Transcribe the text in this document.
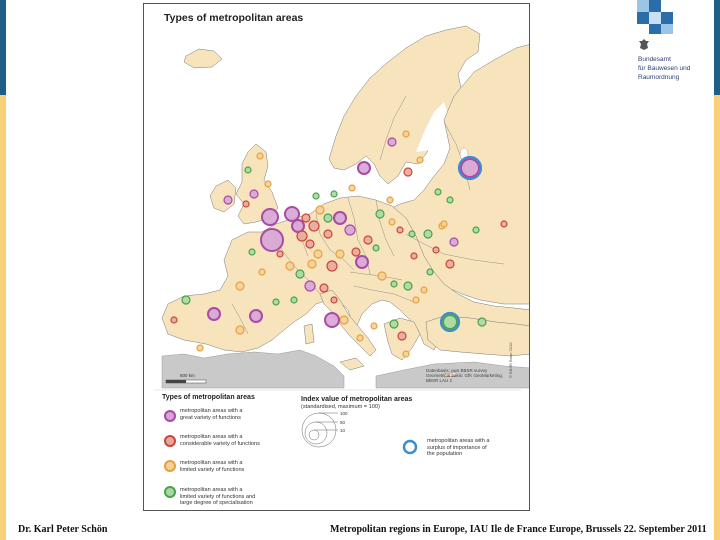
Bundesamt
für Bauwesen und
Raumordnung
500 km	© BBSR Bonn 2010
100
50
10
Types of metropolitan areas
Datenbasis: own BBSR survey
Geometrical basis: GfK GeoMarketing,
BBSR LAU 2
Types of metropolitan areas	Index value of metropolitan areas
(standardised, maximum = 100)
metropolitan areas with a
great variety of functions
metropolitan areas with a
considerable variety of functions
metropolitan areas with a
limited variety of functions
metropolitan areas with a
limited variety of functions and
large degree of specialisation
metropolitan areas with a
surplus of importance of
the population
Dr. Karl Peter Schön	Metropolitan regions in Europe, IAU Ile de France Europe, Brussels 22. September 2011
